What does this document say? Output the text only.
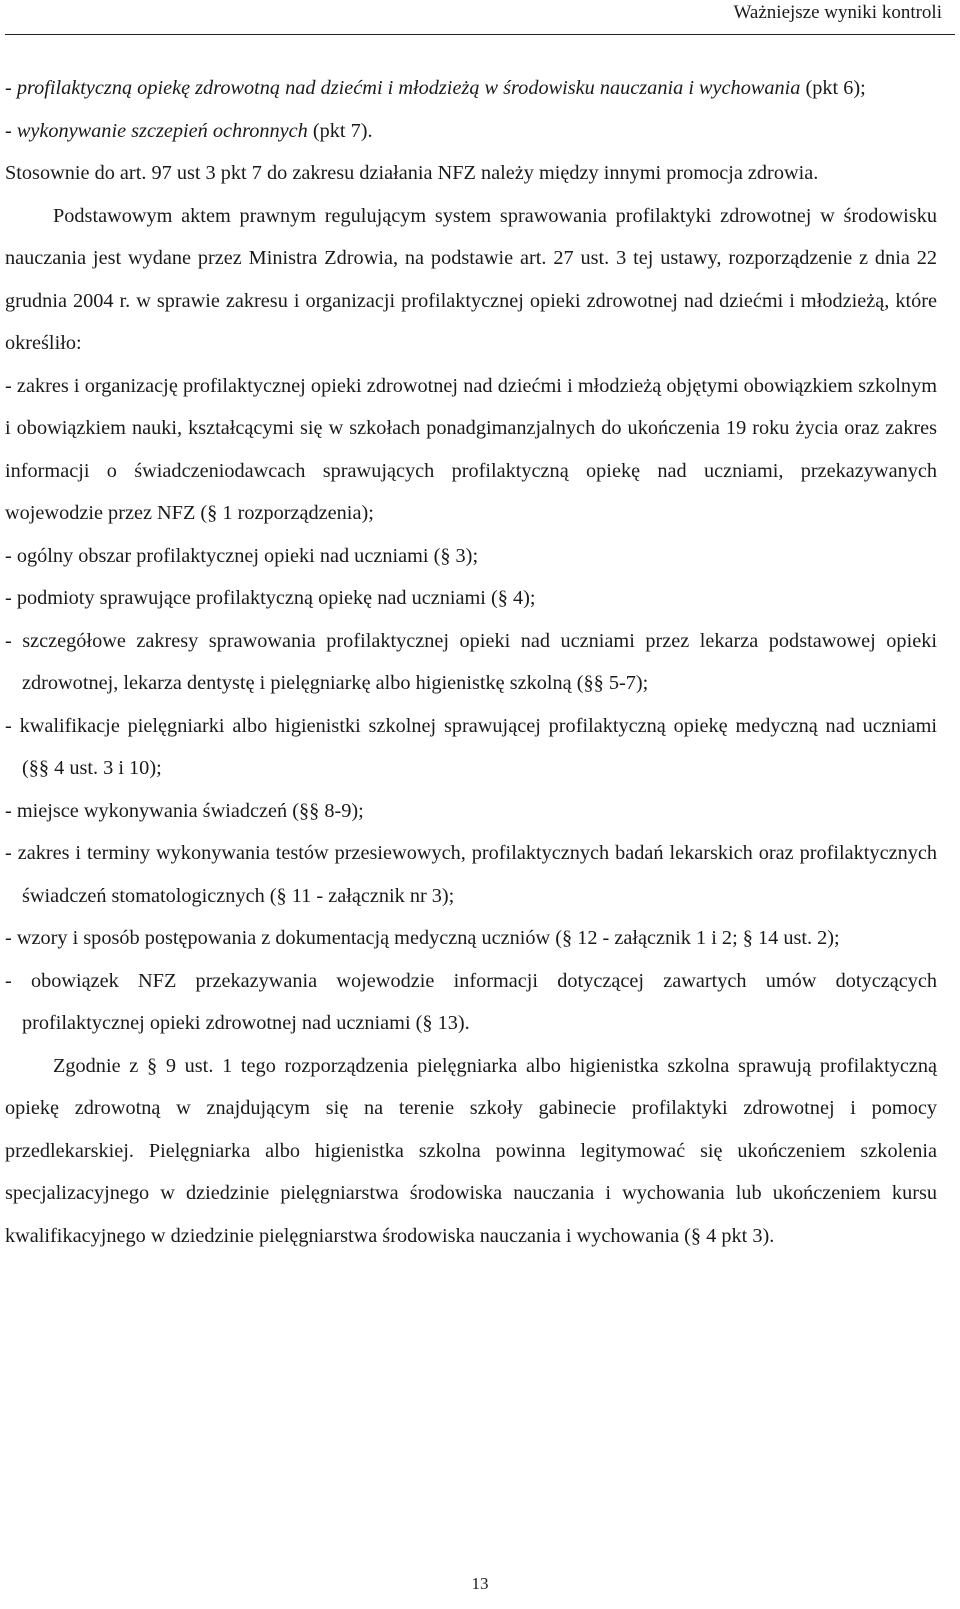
Ważniejsze wyniki kontroli

- profilaktyczną opiekę zdrowotną nad dziećmi i młodzieżą w środowisku nauczania i wychowania (pkt 6);

- wykonywanie szczepień ochronnych (pkt 7).

Stosownie do art. 97 ust 3 pkt 7 do zakresu działania NFZ należy między innymi promocja zdrowia.

Podstawowym aktem prawnym regulującym system sprawowania profilaktyki zdrowotnej w środowisku nauczania jest wydane przez Ministra Zdrowia, na podstawie art. 27 ust. 3 tej ustawy, rozporządzenie z dnia 22 grudnia 2004 r. w sprawie zakresu i organizacji profilaktycznej opieki zdrowotnej nad dziećmi i młodzieżą, które określiło:

- zakres i organizację profilaktycznej opieki zdrowotnej nad dziećmi i młodzieżą objętymi obowiązkiem szkolnym i obowiązkiem nauki, kształcącymi się w szkołach ponadgimanzjalnych do ukończenia 19 roku życia oraz zakres informacji o świadczeniodawcach sprawujących profilaktyczną opiekę nad uczniami, przekazywanych wojewodzie przez NFZ (§ 1 rozporządzenia);

- ogólny obszar profilaktycznej opieki nad uczniami (§ 3);

- podmioty sprawujące profilaktyczną opiekę nad uczniami (§ 4);

- szczegółowe zakresy sprawowania profilaktycznej opieki nad uczniami przez lekarza podstawowej opieki zdrowotnej, lekarza dentystę i pielęgniarkę albo higienistkę szkolną (§§ 5-7);

- kwalifikacje pielęgniarki albo higienistki szkolnej sprawującej profilaktyczną opiekę medyczną nad uczniami (§§ 4 ust. 3 i 10);

- miejsce wykonywania świadczeń (§§ 8-9);

- zakres i terminy wykonywania testów przesiewowych, profilaktycznych badań lekarskich oraz profilaktycznych świadczeń stomatologicznych (§ 11 - załącznik nr 3);

- wzory i sposób postępowania z dokumentacją medyczną uczniów (§ 12 - załącznik 1 i 2; § 14 ust. 2);

- obowiązek NFZ przekazywania wojewodzie informacji dotyczącej zawartych umów dotyczących profilaktycznej opieki zdrowotnej nad uczniami (§ 13).

Zgodnie z § 9 ust. 1 tego rozporządzenia pielęgniarka albo higienistka szkolna sprawują profilaktyczną opiekę zdrowotną w znajdującym się na terenie szkoły gabinecie profilaktyki zdrowotnej i pomocy przedlekarskiej. Pielęgniarka albo higienistka szkolna powinna legitymować się ukończeniem szkolenia specjalizacyjnego w dziedzinie pielęgniarstwa środowiska nauczania i wychowania lub ukończeniem kursu kwalifikacyjnego w dziedzinie pielęgniarstwa środowiska nauczania i wychowania (§ 4 pkt 3).

13
